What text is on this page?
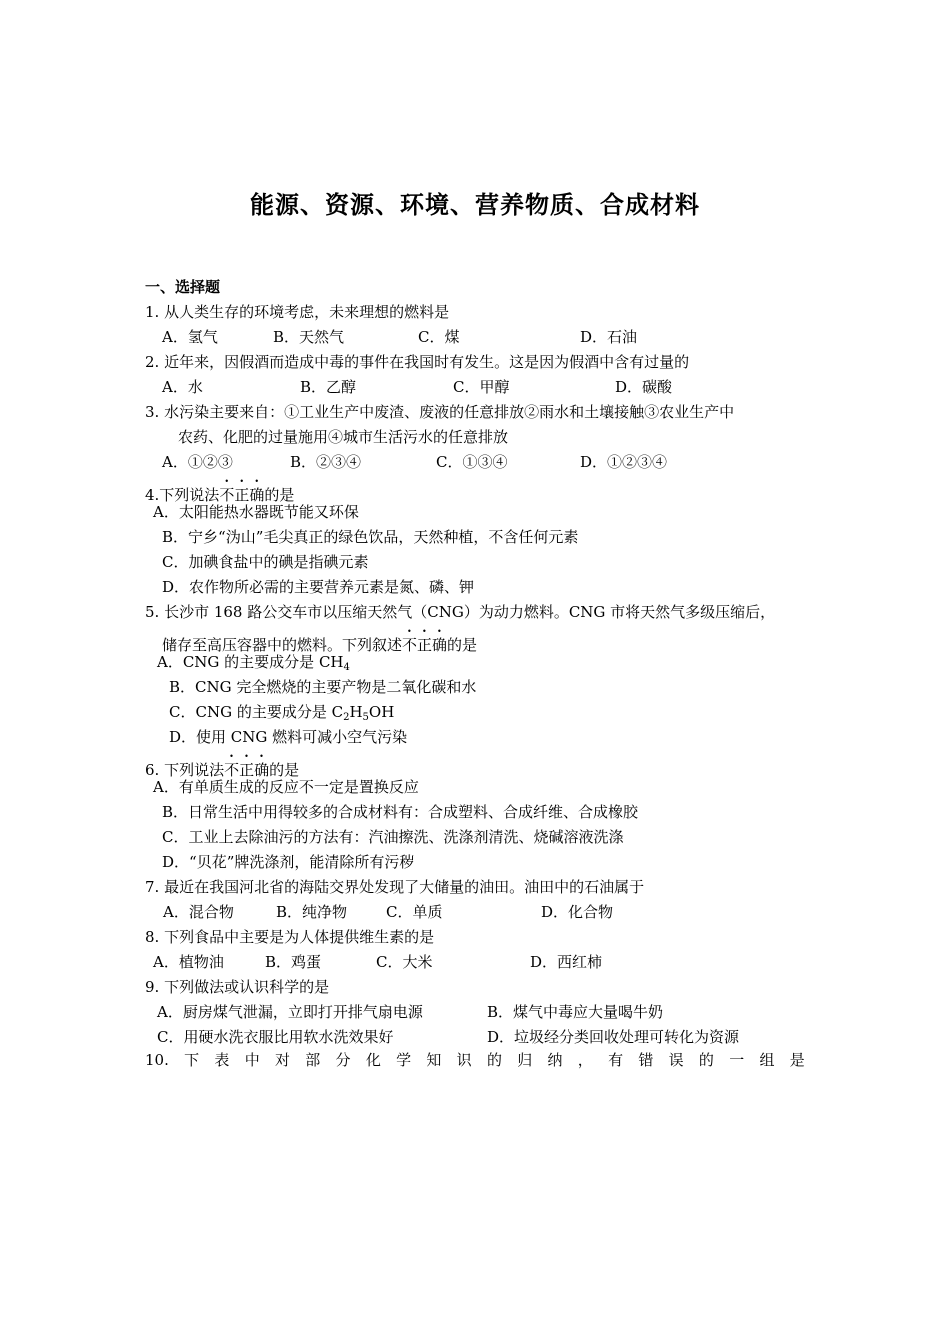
能源、资源、环境、营养物质、合成材料
一、选择题
1. 从人类生存的环境考虑，未来理想的燃料是
A．氢气	B．天然气	C．煤	D．石油
2. 近年来，因假酒而造成中毒的事件在我国时有发生。这是因为假酒中含有过量的
A．水	B．乙醇	C．甲醇	D．碳酸
3. 水污染主要来自：①工业生产中废渣、废液的任意排放②雨水和土壤接触③农业生产中
农药、化肥的过量施用④城市生活污水的任意排放
A．①②③	B．②③④	C．①③④	D．①②③④
4.下列说法不正确的是
A．太阳能热水器既节能又环保
B．宁乡“沩山”毛尖真正的绿色饮品，天然种植，不含任何元素
C．加碘食盐中的碘是指碘元素
D．农作物所必需的主要营养元素是氮、磷、钾
5. 长沙市 168 路公交车市以压缩天然气（CNG）为动力燃料。CNG 市将天然气多级压缩后，
储存至高压容器中的燃料。下列叙述不正确的是
A．CNG 的主要成分是 $CH_4$
B．CNG 完全燃烧的主要产物是二氧化碳和水
C．CNG 的主要成分是 $C_2H_5OH$
D．使用 CNG 燃料可减小空气污染
6. 下列说法不正确的是
A．有单质生成的反应不一定是置换反应
B．日常生活中用得较多的合成材料有：合成塑料、合成纤维、合成橡胶
C．工业上去除油污的方法有：汽油擦洗、洗涤剂清洗、烧碱溶液洗涤
D．“贝花”牌洗涤剂，能清除所有污秽
7. 最近在我国河北省的海陆交界处发现了大储量的油田。油田中的石油属于
A．混合物	B．纯净物	C．单质	D．化合物
8. 下列食品中主要是为人体提供维生素的是
A．植物油	B．鸡蛋	C．大米	D．西红柿
9. 下列做法或认识科学的是
A．厨房煤气泄漏，立即打开排气扇电源	B．煤气中毒应大量喝牛奶
C．用硬水洗衣服比用软水洗效果好	D．垃圾经分类回收处理可转化为资源
10. 下 表 中 对 部 分 化 学 知 识 的 归 纳 ， 有 错 误 的 一 组 是
